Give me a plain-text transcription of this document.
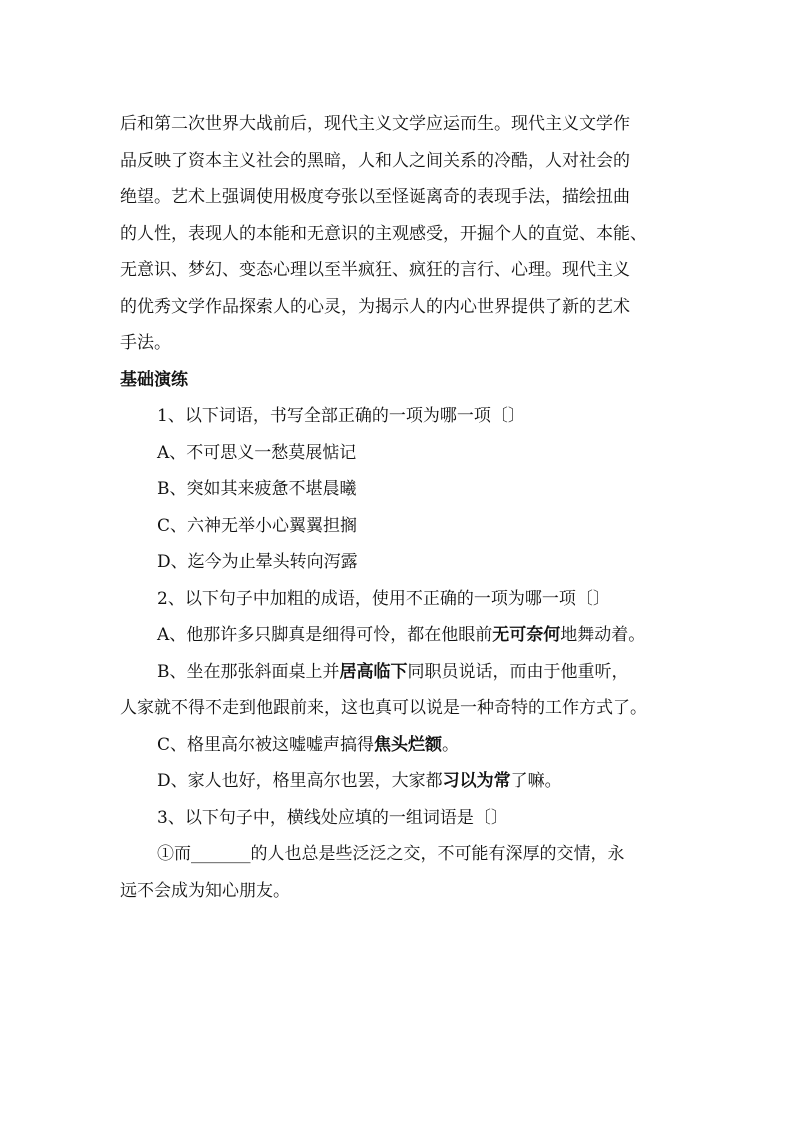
后和第二次世界大战前后，现代主义文学应运而生。现代主义文学作
品反映了资本主义社会的黑暗，人和人之间关系的冷酷，人对社会的
绝望。艺术上强调使用极度夸张以至怪诞离奇的表现手法，描绘扭曲
的人性，表现人的本能和无意识的主观感受，开掘个人的直觉、本能、
无意识、梦幻、变态心理以至半疯狂、疯狂的言行、心理。现代主义
的优秀文学作品探索人的心灵，为揭示人的内心世界提供了新的艺术
手法。
基础演练
1、以下词语，书写全部正确的一项为哪一项〔〕
A、不可思义一愁莫展惦记
B、突如其来疲惫不堪晨曦
C、六神无举小心翼翼担搁
D、迄今为止晕头转向泻露
2、以下句子中加粗的成语，使用不正确的一项为哪一项〔〕
A、他那许多只脚真是细得可怜，都在他眼前无可奈何地舞动着。
B、坐在那张斜面桌上并居高临下同职员说话，而由于他重听，
人家就不得不走到他跟前来，这也真可以说是一种奇特的工作方式了。
C、格里高尔被这嘘嘘声搞得焦头烂额。
D、家人也好，格里高尔也罢，大家都习以为常了嘛。
3、以下句子中，横线处应填的一组词语是〔〕
①而_______的人也总是些泛泛之交，不可能有深厚的交情，永
远不会成为知心朋友。
